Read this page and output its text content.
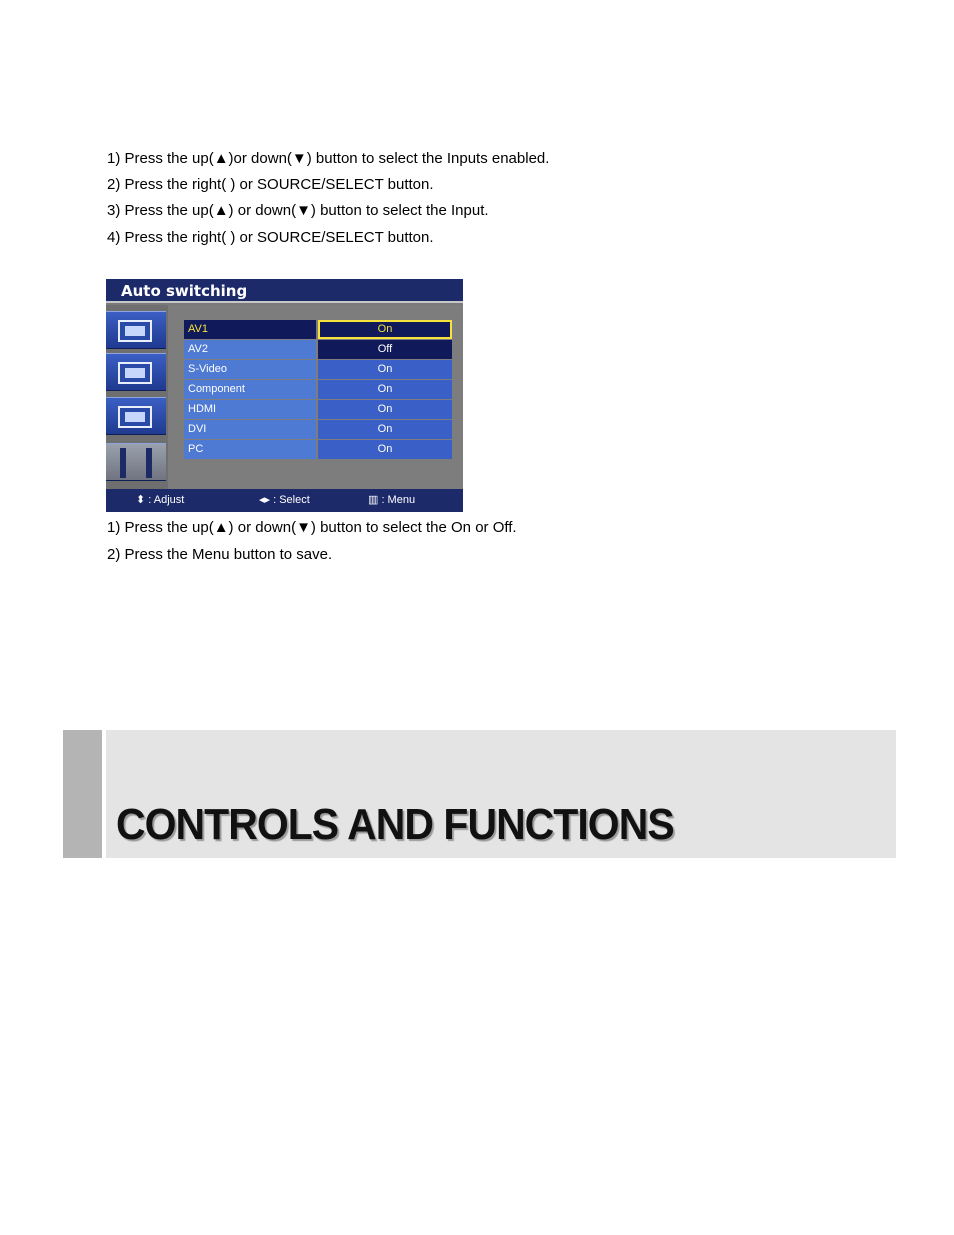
1) Press the up(▲)or down(▼) button to select the Inputs enabled.
2) Press the right( ) or SOURCE/SELECT button.
3) Press the up(▲) or down(▼) button to select the Input.
4) Press the right( ) or SOURCE/SELECT button.
Auto switching
AV1	On
AV2	Off
S-Video	On
Component	On
HDMI	On
DVI	On
PC	On
⬍ : Adjust	◂▸ : Select	▥ : Menu
1) Press the up(▲) or down(▼) button to select the On or Off.
2) Press the Menu button to save.
CONTROLS AND FUNCTIONS
